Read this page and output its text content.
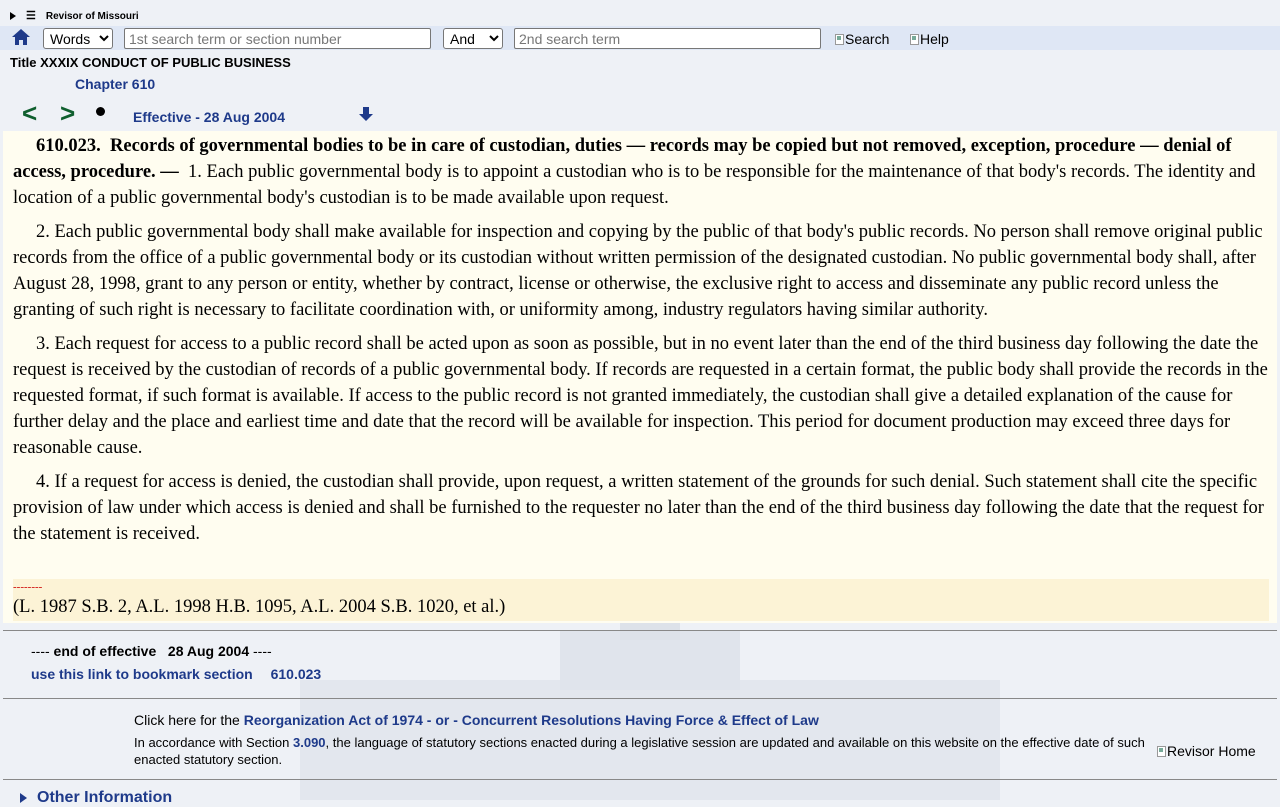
☰ Revisor of Missouri
Words
1st search term or section number
And
2nd search term
Search Help
Title XXXIX CONDUCT OF PUBLIC BUSINESS
Chapter 610
< >	Effective - 28 Aug 2004

610.023. Records of governmental bodies to be in care of custodian, duties — records may be copied but not removed, exception, procedure — denial of access, procedure. — 1. Each public governmental body is to appoint a custodian who is to be responsible for the maintenance of that body's records. The identity and location of a public governmental body's custodian is to be made available upon request.

2. Each public governmental body shall make available for inspection and copying by the public of that body's public records. No person shall remove original public records from the office of a public governmental body or its custodian without written permission of the designated custodian. No public governmental body shall, after August 28, 1998, grant to any person or entity, whether by contract, license or otherwise, the exclusive right to access and disseminate any public record unless the granting of such right is necessary to facilitate coordination with, or uniformity among, industry regulators having similar authority.

3. Each request for access to a public record shall be acted upon as soon as possible, but in no event later than the end of the third business day following the date the request is received by the custodian of records of a public governmental body. If records are requested in a certain format, the public body shall provide the records in the requested format, if such format is available. If access to the public record is not granted immediately, the custodian shall give a detailed explanation of the cause for further delay and the place and earliest time and date that the record will be available for inspection. This period for document production may exceed three days for reasonable cause.

4. If a request for access is denied, the custodian shall provide, upon request, a written statement of the grounds for such denial. Such statement shall cite the specific provision of law under which access is denied and shall be furnished to the requester no later than the end of the third business day following the date that the request for the statement is received.

--------
(L. 1987 S.B. 2, A.L. 1998 H.B. 1095, A.L. 2004 S.B. 1020, et al.)
---- end of effective 28 Aug 2004 ----
use this link to bookmark section 610.023
Click here for the Reorganization Act of 1974 - or - Concurrent Resolutions Having Force & Effect of Law
In accordance with Section 3.090, the language of statutory sections enacted during a legislative session are updated and available on this website on the effective date of such enacted statutory section.
Revisor Home
Other Information
